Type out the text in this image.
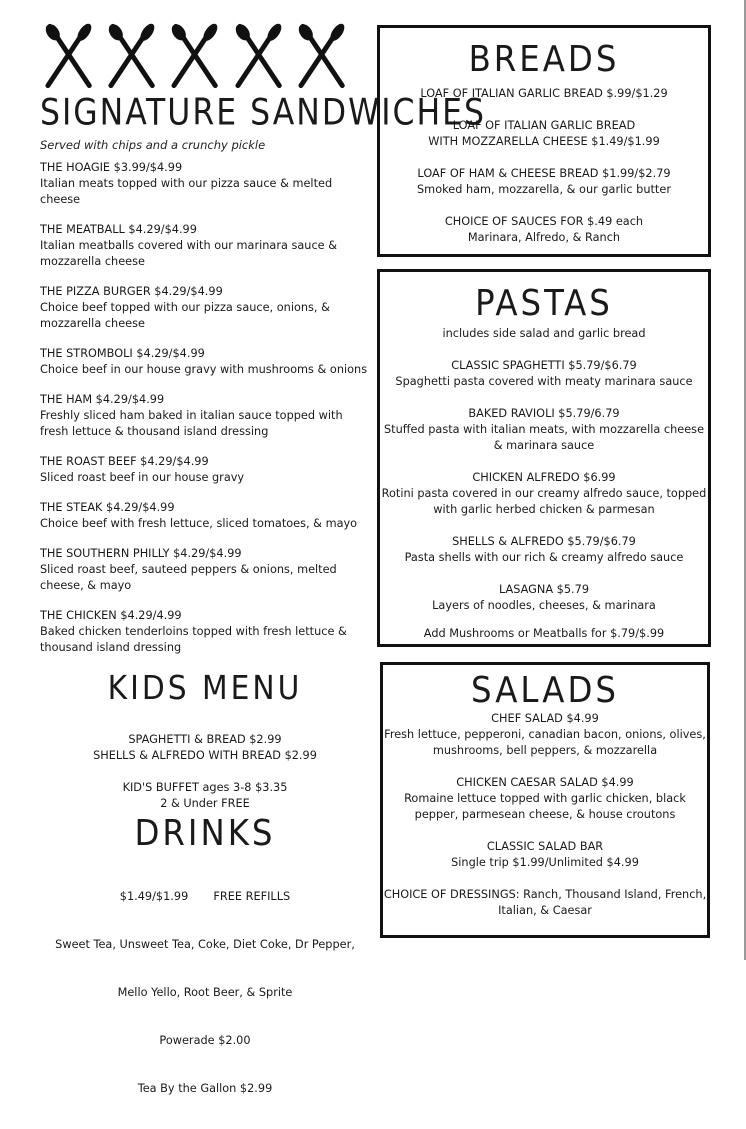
SIGNATURE SANDWICHES
Served with chips and a crunchy pickle
THE HOAGIE $3.99/$4.99
Italian meats topped with our pizza sauce & melted cheese
THE MEATBALL $4.29/$4.99
Italian meatballs covered with our marinara sauce & mozzarella cheese
THE PIZZA BURGER $4.29/$4.99
Choice beef topped with our pizza sauce, onions, & mozzarella cheese
THE STROMBOLI $4.29/$4.99
Choice beef in our house gravy with mushrooms & onions
THE HAM $4.29/$4.99
Freshly sliced ham baked in italian sauce topped with fresh lettuce & thousand island dressing
THE ROAST BEEF $4.29/$4.99
Sliced roast beef in our house gravy
THE STEAK $4.29/$4.99
Choice beef with fresh lettuce, sliced tomatoes, & mayo
THE SOUTHERN PHILLY $4.29/$4.99
Sliced roast beef, sauteed peppers & onions, melted cheese, & mayo
THE CHICKEN $4.29/4.99
Baked chicken tenderloins topped with fresh lettuce & thousand island dressing
KIDS MENU
SPAGHETTI & BREAD $2.99
SHELLS & ALFREDO WITH BREAD $2.99
KID'S BUFFET ages 3-8 $3.35
2 & Under FREE
DRINKS

$1.49/$1.99       FREE REFILLS

Sweet Tea, Unsweet Tea, Coke, Diet Coke, Dr Pepper,

Mello Yello, Root Beer, & Sprite

Powerade $2.00

Tea By the Gallon $2.99

BREADS
LOAF OF ITALIAN GARLIC BREAD $.99/$1.29
LOAF OF ITALIAN GARLIC BREAD
WITH MOZZARELLA CHEESE $1.49/$1.99
LOAF OF HAM & CHEESE BREAD $1.99/$2.79
Smoked ham, mozzarella, & our garlic butter
CHOICE OF SAUCES FOR $.49 each
Marinara, Alfredo, & Ranch
PASTAS
includes side salad and garlic bread
CLASSIC SPAGHETTI $5.79/$6.79
Spaghetti pasta covered with meaty marinara sauce
BAKED RAVIOLI $5.79/6.79
Stuffed pasta with italian meats, with mozzarella cheese & marinara sauce
CHICKEN ALFREDO $6.99
Rotini pasta covered in our creamy alfredo sauce, topped with garlic herbed chicken & parmesan
SHELLS & ALFREDO $5.79/$6.79
Pasta shells with our rich & creamy alfredo sauce
LASAGNA $5.79
Layers of noodles, cheeses, & marinara
Add Mushrooms or Meatballs for $.79/$.99
SALADS
CHEF SALAD $4.99
Fresh lettuce, pepperoni, canadian bacon, onions, olives, mushrooms, bell peppers, & mozzarella
CHICKEN CAESAR SALAD $4.99
Romaine lettuce topped with garlic chicken, black pepper, parmesean cheese, & house croutons
CLASSIC SALAD BAR
Single trip $1.99/Unlimited $4.99
CHOICE OF DRESSINGS: Ranch, Thousand Island, French,
Italian, & Caesar
